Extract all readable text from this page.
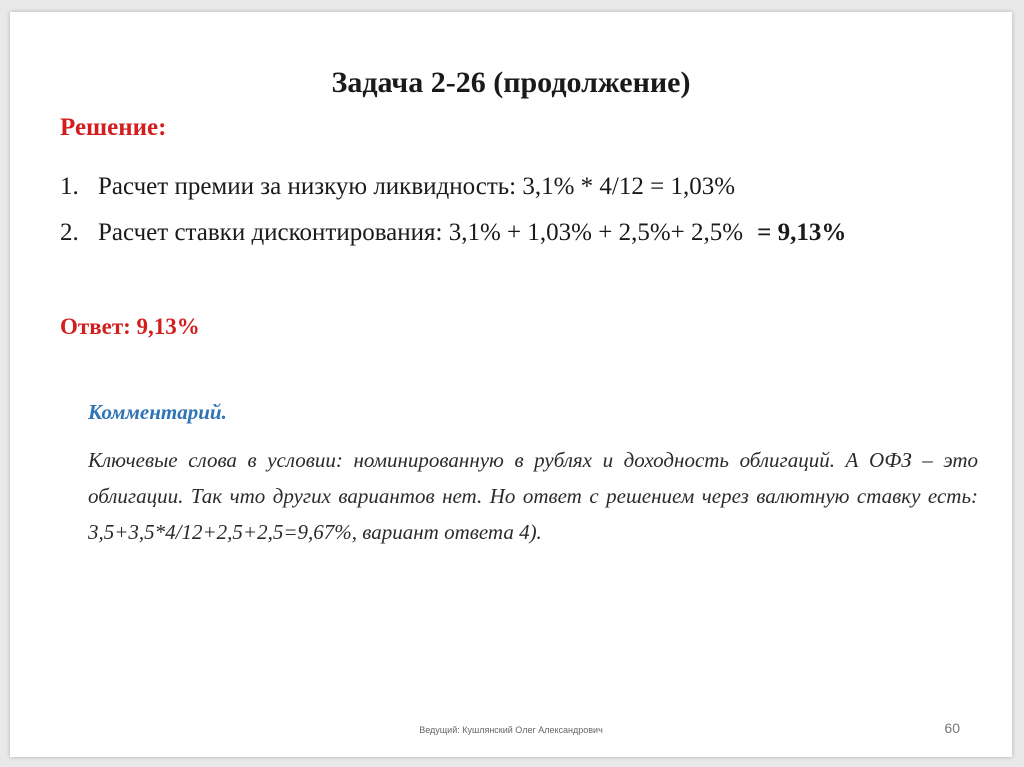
Задача 2-26 (продолжение)
Решение:
1. Расчет премии за низкую ликвидность: 3,1% * 4/12 = 1,03%
2. Расчет ставки дисконтирования: 3,1% + 1,03% + 2,5%+ 2,5% = 9,13%
Ответ: 9,13%
Комментарий.
Ключевые слова в условии: номинированную в рублях и доходность облигаций. А ОФЗ – это облигации. Так что других вариантов нет. Но ответ с решением через валютную ставку есть: 3,5+3,5*4/12+2,5+2,5=9,67%, вариант ответа 4).
Ведущий: Кушлянский Олег Александрович	60
